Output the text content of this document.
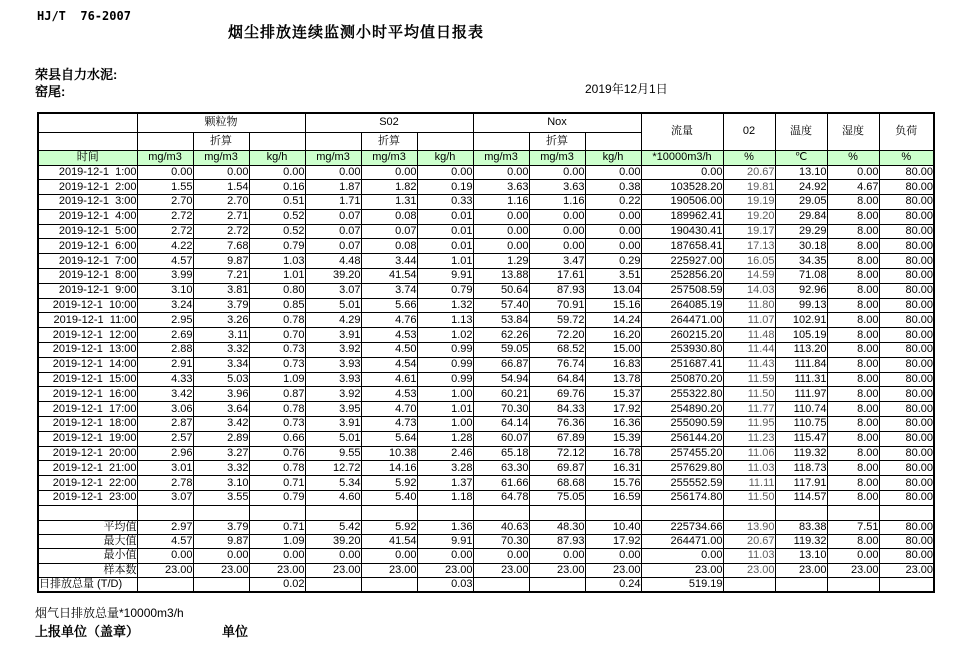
HJ/T  76-2007
烟尘排放连续监测小时平均值日报表
荣县自力水泥:
窑尾:	2019年12月1日
	颗粒物			S02			Nox			流量	02	温度	湿度	负荷
		折算			折算			折算						
时间	mg/m3	mg/m3	kg/h	mg/m3	mg/m3	kg/h	mg/m3	mg/m3	kg/h	*10000m3/h	%	℃	%	%
2019-12-1  1:00	0.00	0.00	0.00	0.00	0.00	0.00	0.00	0.00	0.00	0.00	20.67	13.10	0.00	80.00
2019-12-1  2:00	1.55	1.54	0.16	1.87	1.82	0.19	3.63	3.63	0.38	103528.20	19.81	24.92	4.67	80.00
2019-12-1  3:00	2.70	2.70	0.51	1.71	1.31	0.33	1.16	1.16	0.22	190506.00	19.19	29.05	8.00	80.00
2019-12-1  4:00	2.72	2.71	0.52	0.07	0.08	0.01	0.00	0.00	0.00	189962.41	19.20	29.84	8.00	80.00
2019-12-1  5:00	2.72	2.72	0.52	0.07	0.07	0.01	0.00	0.00	0.00	190430.41	19.17	29.29	8.00	80.00
2019-12-1  6:00	4.22	7.68	0.79	0.07	0.08	0.01	0.00	0.00	0.00	187658.41	17.13	30.18	8.00	80.00
2019-12-1  7:00	4.57	9.87	1.03	4.48	3.44	1.01	1.29	3.47	0.29	225927.00	16.05	34.35	8.00	80.00
2019-12-1  8:00	3.99	7.21	1.01	39.20	41.54	9.91	13.88	17.61	3.51	252856.20	14.59	71.08	8.00	80.00
2019-12-1  9:00	3.10	3.81	0.80	3.07	3.74	0.79	50.64	87.93	13.04	257508.59	14.03	92.96	8.00	80.00
2019-12-1  10:00	3.24	3.79	0.85	5.01	5.66	1.32	57.40	70.91	15.16	264085.19	11.80	99.13	8.00	80.00
2019-12-1  11:00	2.95	3.26	0.78	4.29	4.76	1.13	53.84	59.72	14.24	264471.00	11.07	102.91	8.00	80.00
2019-12-1  12:00	2.69	3.11	0.70	3.91	4.53	1.02	62.26	72.20	16.20	260215.20	11.48	105.19	8.00	80.00
2019-12-1  13:00	2.88	3.32	0.73	3.92	4.50	0.99	59.05	68.52	15.00	253930.80	11.44	113.20	8.00	80.00
2019-12-1  14:00	2.91	3.34	0.73	3.93	4.54	0.99	66.87	76.74	16.83	251687.41	11.43	111.84	8.00	80.00
2019-12-1  15:00	4.33	5.03	1.09	3.93	4.61	0.99	54.94	64.84	13.78	250870.20	11.59	111.31	8.00	80.00
2019-12-1  16:00	3.42	3.96	0.87	3.92	4.53	1.00	60.21	69.76	15.37	255322.80	11.50	111.97	8.00	80.00
2019-12-1  17:00	3.06	3.64	0.78	3.95	4.70	1.01	70.30	84.33	17.92	254890.20	11.77	110.74	8.00	80.00
2019-12-1  18:00	2.87	3.42	0.73	3.91	4.73	1.00	64.14	76.36	16.36	255090.59	11.95	110.75	8.00	80.00
2019-12-1  19:00	2.57	2.89	0.66	5.01	5.64	1.28	60.07	67.89	15.39	256144.20	11.23	115.47	8.00	80.00
2019-12-1  20:00	2.96	3.27	0.76	9.55	10.38	2.46	65.18	72.12	16.78	257455.20	11.06	119.32	8.00	80.00
2019-12-1  21:00	3.01	3.32	0.78	12.72	14.16	3.28	63.30	69.87	16.31	257629.80	11.03	118.73	8.00	80.00
2019-12-1  22:00	2.78	3.10	0.71	5.34	5.92	1.37	61.66	68.68	15.76	255552.59	11.11	117.91	8.00	80.00
2019-12-1  23:00	3.07	3.55	0.79	4.60	5.40	1.18	64.78	75.05	16.59	256174.80	11.50	114.57	8.00	80.00

平均值	2.97	3.79	0.71	5.42	5.92	1.36	40.63	48.30	10.40	225734.66	13.90	83.38	7.51	80.00
最大值	4.57	9.87	1.09	39.20	41.54	9.91	70.30	87.93	17.92	264471.00	20.67	119.32	8.00	80.00
最小值	0.00	0.00	0.00	0.00	0.00	0.00	0.00	0.00	0.00	0.00	11.03	13.10	0.00	80.00
样本数	23.00	23.00	23.00	23.00	23.00	23.00	23.00	23.00	23.00	23.00	23.00	23.00	23.00	23.00
日排放总量 (T/D)			0.02			0.03			0.24	519.19				
烟气日排放总量*10000m3/h
上报单位（盖章）	单位
